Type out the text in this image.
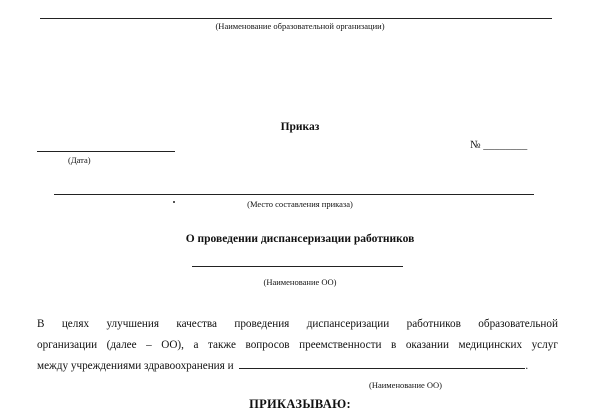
(Наименование образовательной организации)
Приказ
(Дата)
№ ________
(Место составления приказа)
О проведении диспансеризации работников
(Наименование ОО)
В целях улучшения качества проведения диспансеризации работников образовательной
организации (далее – ОО), а также вопросов преемственности в оказании медицинских услуг
между учреждениями здравоохранения и	.
(Наименование ОО)
ПРИКАЗЫВАЮ:
